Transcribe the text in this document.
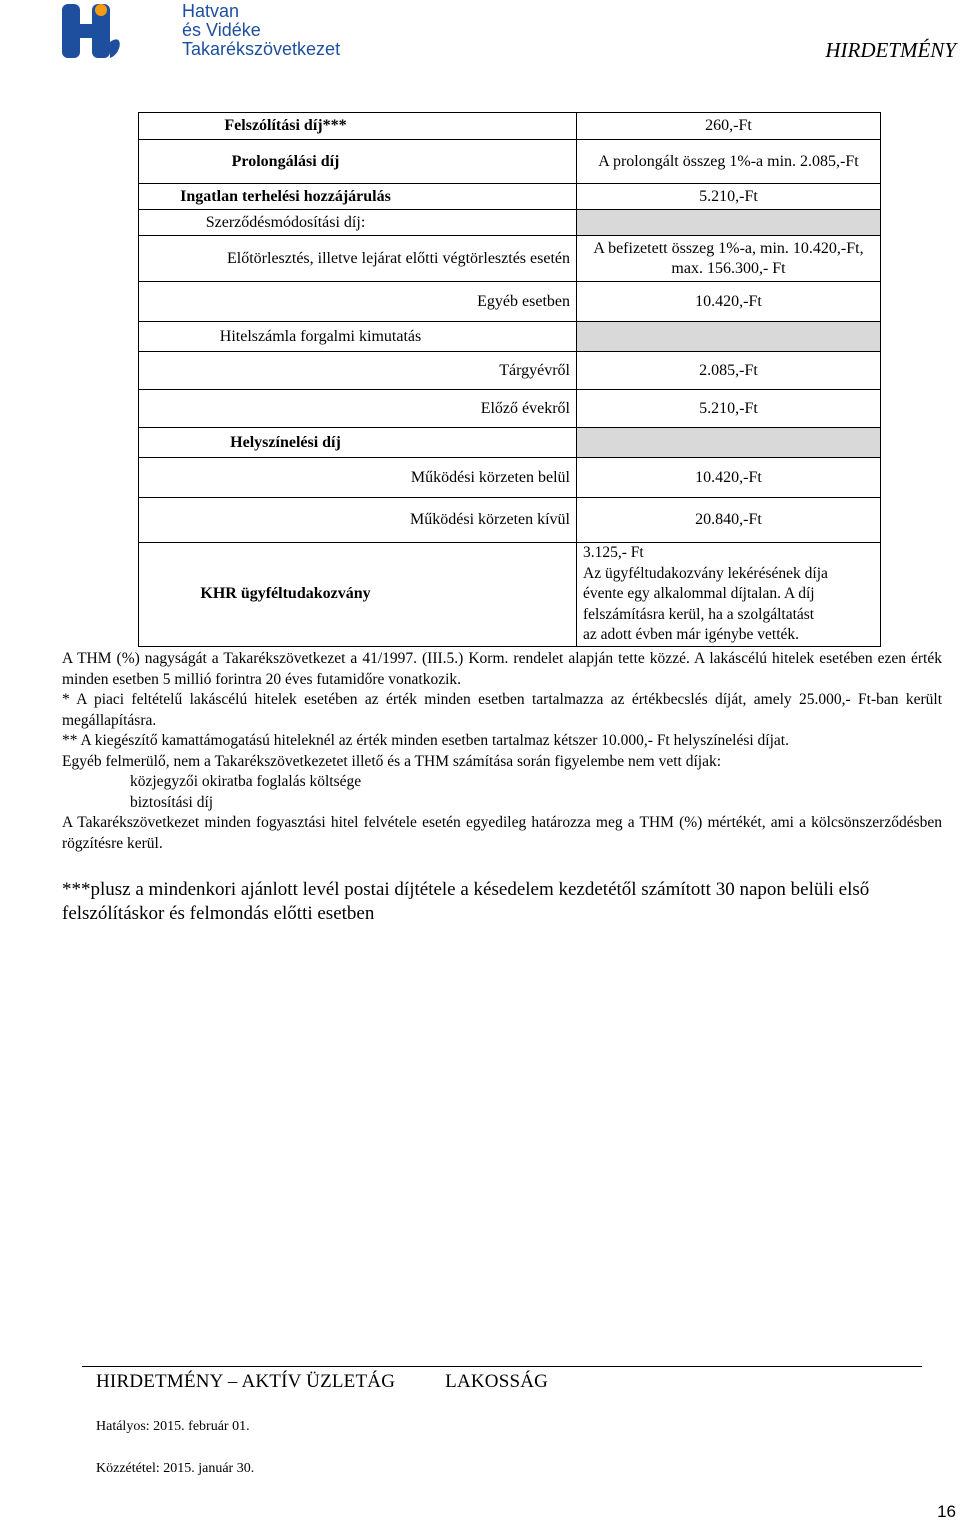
Hatvan
és Vidéke
Takarékszövetkezet	HIRDETMÉNY
Felszólítási díj***	260,-Ft
Prolongálási díj	A prolongált összeg 1%-a min. 2.085,-Ft
Ingatlan terhelési hozzájárulás	5.210,-Ft
Szerződésmódosítási díj:	
Előtörlesztés, illetve lejárat előtti végtörlesztés esetén	A befizetett összeg 1%-a, min. 10.420,-Ft, max. 156.300,- Ft
Egyéb esetben	10.420,-Ft
Hitelszámla forgalmi kimutatás	
Tárgyévről	2.085,-Ft
Előző évekről	5.210,-Ft
Helyszínelési díj	
Működési körzeten belül	10.420,-Ft
Működési körzeten kívül	20.840,-Ft
KHR ügyféltudakozvány	3.125,- Ft
Az ügyféltudakozvány lekérésének díja
évente egy alkalommal díjtalan. A díj
felszámításra kerül, ha a szolgáltatást
az adott évben már igénybe vették.

A THM (%) nagyságát a Takarékszövetkezet a 41/1997. (III.5.) Korm. rendelet alapján tette közzé. A lakáscélú hitelek esetében ezen érték minden esetben 5 millió forintra 20 éves futamidőre vonatkozik.

* A piaci feltételű lakáscélú hitelek esetében az érték minden esetben tartalmazza az értékbecslés díját, amely 25.000,- Ft-ban került megállapításra.

** A kiegészítő kamattámogatású hiteleknél az érték minden esetben tartalmaz kétszer 10.000,- Ft helyszínelési díjat.

Egyéb felmerülő, nem a Takarékszövetkezetet illető és a THM számítása során figyelembe nem vett díjak:

közjegyzői okiratba foglalás költsége

biztosítási díj

A Takarékszövetkezet minden fogyasztási hitel felvétele esetén egyedileg határozza meg a THM (%) mértékét, ami a kölcsönszerződésben rögzítésre kerül.

***plusz a mindenkori ajánlott levél postai díjtétele a késedelem kezdetétől számított 30 napon belüli első felszólításkor és felmondás előtti esetben
HIRDETMÉNY – AKTÍV ÜZLETÁG	LAKOSSÁG
Hatályos: 2015. február 01.
Közzététel: 2015. január 30.
16
